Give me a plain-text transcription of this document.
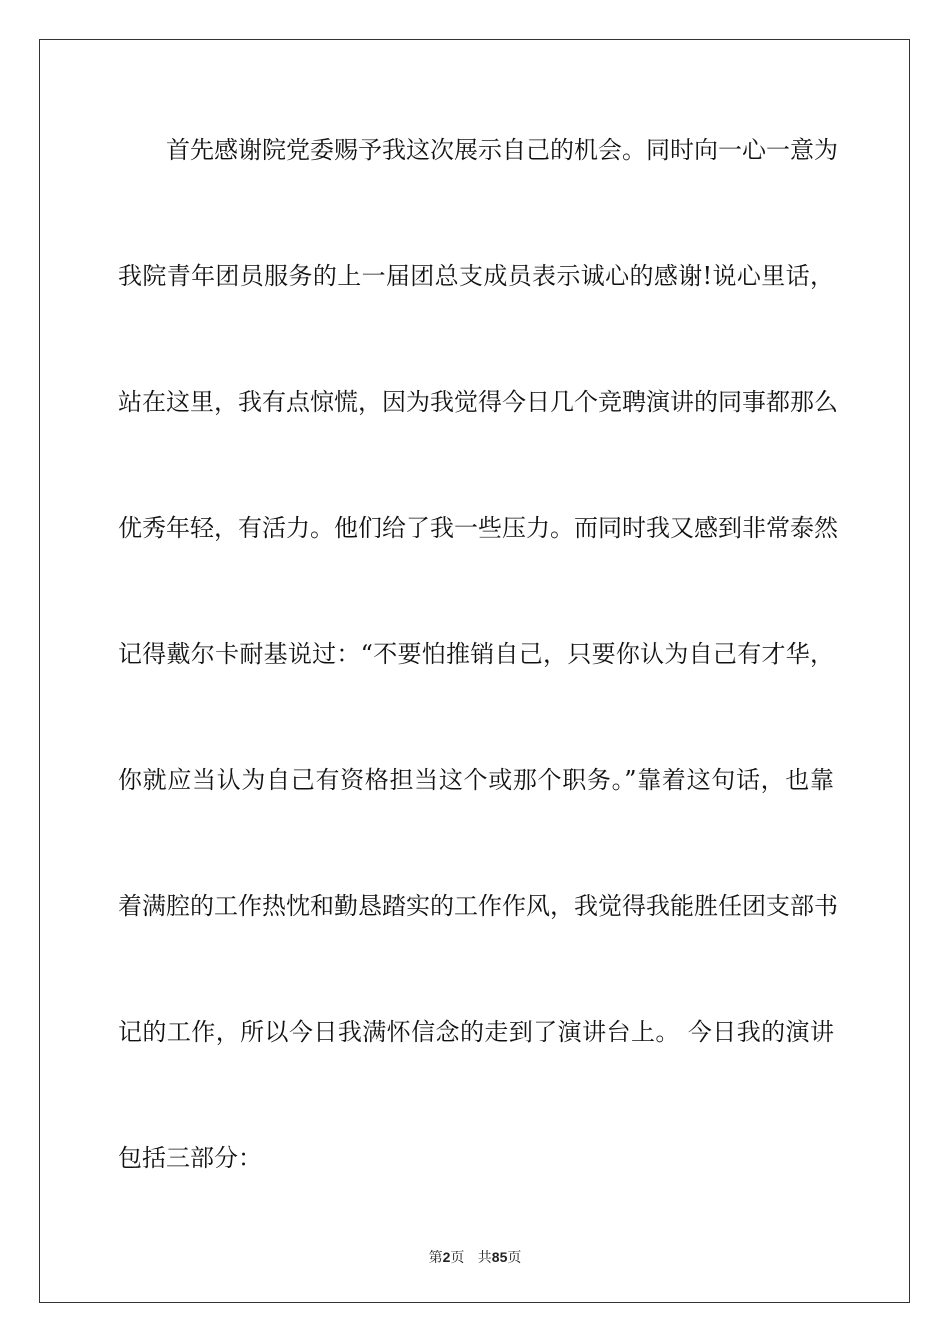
首先感谢院党委赐予我这次展示自己的机会。同时向一心一意为
我院青年团员服务的上一届团总支成员表示诚心的感谢!说心里话，
站在这里，我有点惊慌，因为我觉得今日几个竞聘演讲的同事都那么
优秀年轻，有活力。他们给了我一些压力。而同时我又感到非常泰然
记得戴尔卡耐基说过：“不要怕推销自己，只要你认为自己有才华，
你就应当认为自己有资格担当这个或那个职务。”靠着这句话，也靠
着满腔的工作热忱和勤恳踏实的工作作风，我觉得我能胜任团支部书
记的工作，所以今日我满怀信念的走到了演讲台上。 今日我的演讲
包括三部分：
第2页 共85页
